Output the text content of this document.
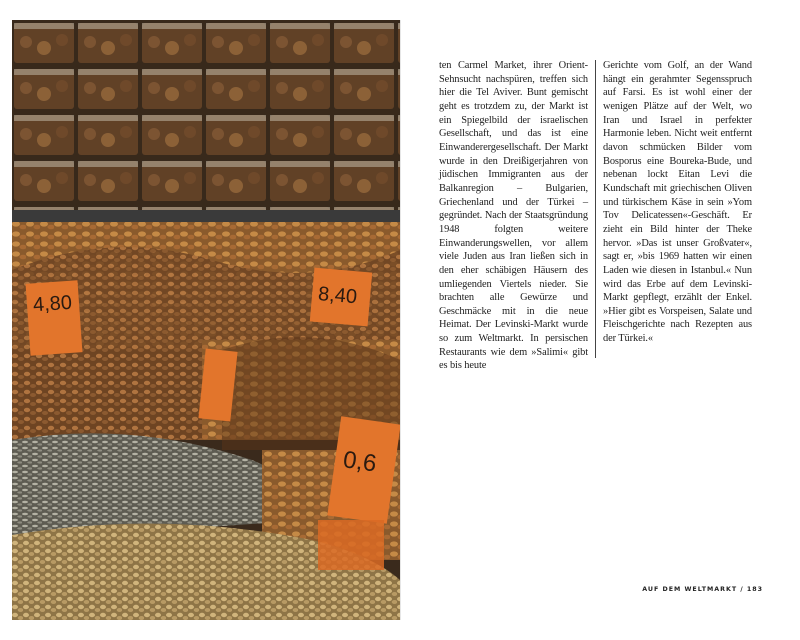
4,80	8,40
0,6
ten Carmel Market, ihrer Orient-Sehnsucht nachspüren, treffen sich hier die Tel Aviver. Bunt gemischt geht es trotzdem zu, der Markt ist ein Spiegelbild der israelischen Gesellschaft, und das ist eine Einwanderergesellschaft. Der Markt wurde in den Dreißigerjahren von jüdischen Immigranten aus der Balkanregion – Bulgarien, Griechenland und der Türkei – gegründet. Nach der Staatsgründung 1948 folgten weitere Einwanderungswellen, vor allem viele Juden aus Iran ließen sich in den eher schäbigen Häusern des umliegenden Viertels nieder. Sie brachten alle Gewürze und Geschmäcke mit in die neue Heimat. Der Levinski-Markt wurde so zum Weltmarkt. In persischen Restaurants wie dem »Salimi« gibt es bis heute
Gerichte vom Golf, an der Wand hängt ein gerahmter Segensspruch auf Farsi. Es ist wohl einer der wenigen Plätze auf der Welt, wo Iran und Israel in perfekter Harmonie leben. Nicht weit entfernt davon schmücken Bilder vom Bosporus eine Boureka-Bude, und nebenan lockt Eitan Levi die Kundschaft mit griechischen Oliven und türkischem Käse in sein »Yom Tov Delicatessen«-Geschäft. Er zieht ein Bild hinter der Theke hervor. »Das ist unser Großvater«, sagt er, »bis 1969 hatten wir einen Laden wie diesen in Istanbul.« Nun wird das Erbe auf dem Levinski-Markt gepflegt, erzählt der Enkel. »Hier gibt es Vorspeisen, Salate und Fleischgerichte nach Rezepten aus der Türkei.«
AUF DEM WELTMARKT / 183
